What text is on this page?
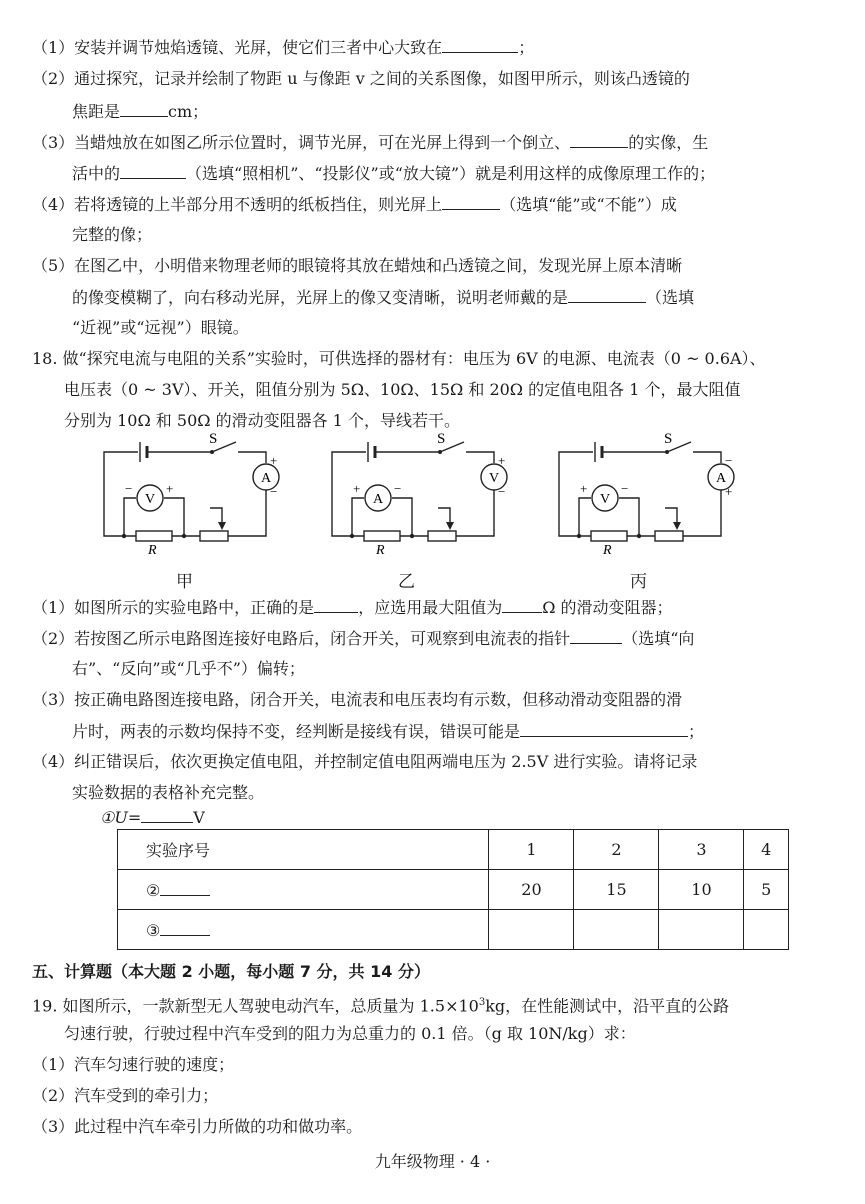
（1）安装并调节烛焰透镜、光屏，使它们三者中心大致在	；
（2）通过探究，记录并绘制了物距 u 与像距 v 之间的关系图像，如图甲所示，则该凸透镜的
焦距是	cm；
（3）当蜡烛放在如图乙所示位置时，调节光屏，可在光屏上得到一个倒立、	的实像，生
活中的	（选填“照相机”、“投影仪”或“放大镜”）就是利用这样的成像原理工作的；
（4）若将透镜的上半部分用不透明的纸板挡住，则光屏上	（选填“能”或“不能”）成
完整的像；
（5）在图乙中，小明借来物理老师的眼镜将其放在蜡烛和凸透镜之间，发现光屏上原本清晰
的像变模糊了，向右移动光屏，光屏上的像又变清晰，说明老师戴的是	（选填
“近视”或“远视”）眼镜。
18. 做“探究电流与电阻的关系”实验时，可供选择的器材有：电压为 6V 的电源、电流表（0 ~ 0.6A）、
电压表（0 ~ 3V）、开关，阻值分别为 5Ω、10Ω、15Ω 和 20Ω 的定值电阻各 1 个，最大阻值
分别为 10Ω 和 50Ω 的滑动变阻器各 1 个，导线若干。
S
A
+
−
R
V
−	+
S
V
+
−
R
A
+	−
S
A
−
+
R
V
+	−
甲	乙	丙
（1）如图所示的实验电路中，正确的是	，应选用最大阻值为	Ω 的滑动变阻器；
（2）若按图乙所示电路图连接好电路后，闭合开关，可观察到电流表的指针	（选填“向
右”、“反向”或“几乎不”）偏转；
（3）按正确电路图连接电路，闭合开关，电流表和电压表均有示数，但移动滑动变阻器的滑
片时，两表的示数均保持不变，经判断是接线有误，错误可能是	；
（4）纠正错误后，依次更换定值电阻，并控制定值电阻两端电压为 2.5V 进行实验。请将记录
实验数据的表格补充完整。
①U=	V
实验序号	1	2	3	4
②	20	15	10	5
③				
五、计算题（本大题 2 小题，每小题 7 分，共 14 分）
19. 如图所示，一款新型无人驾驶电动汽车，总质量为 $1.5\times 10^3kg$，在性能测试中，沿平直的公路
匀速行驶，行驶过程中汽车受到的阻力为总重力的 0.1 倍。（g 取 10N/kg）求：
（1）汽车匀速行驶的速度；
（2）汽车受到的牵引力；
（3）此过程中汽车牵引力所做的功和做功率。
九年级物理 · 4 ·
